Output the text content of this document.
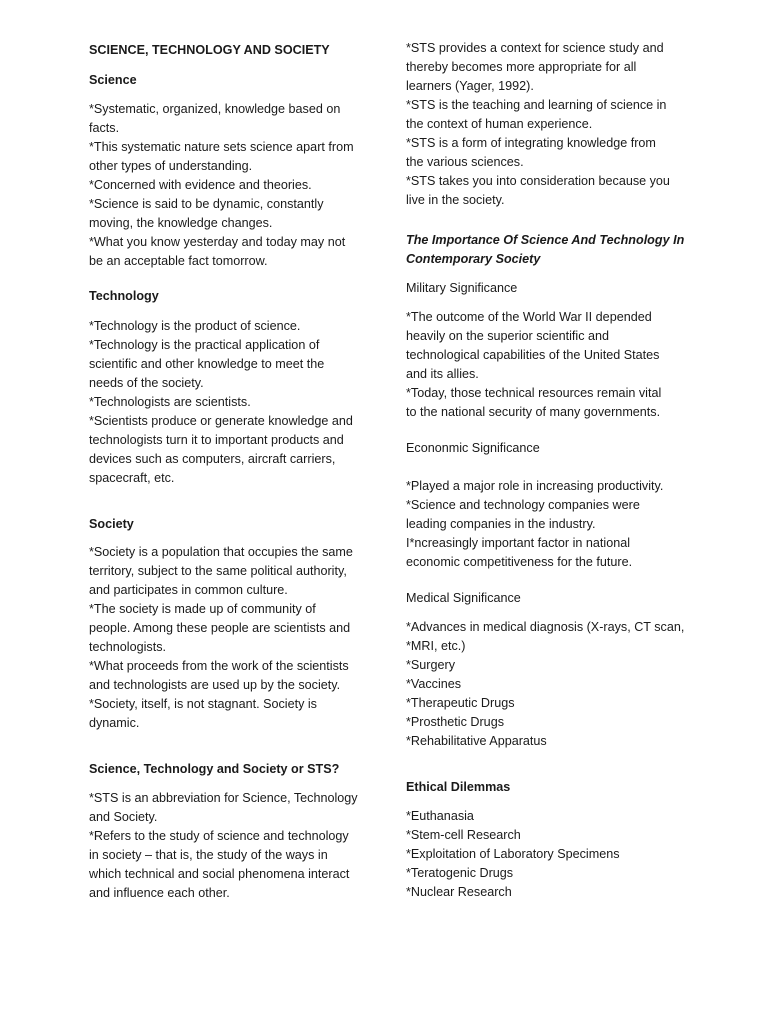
SCIENCE, TECHNOLOGY AND SOCIETY
Science
*Systematic, organized, knowledge based on
facts.
*This systematic nature sets science apart from
other types of understanding.
*Concerned with evidence and theories.
*Science is said to be dynamic, constantly
moving, the knowledge changes.
*What you know yesterday and today may not
be an acceptable fact tomorrow.
Technology
*Technology is the product of science.
*Technology is the practical application of
scientific and other knowledge to meet the
needs of the society.
*Technologists are scientists.
*Scientists produce or generate knowledge and
technologists turn it to important products and
devices such as computers, aircraft carriers,
spacecraft, etc.
Society
*Society is a population that occupies the same
territory, subject to the same political authority,
and participates in common culture.
*The society is made up of community of
people. Among these people are scientists and
technologists.
*What proceeds from the work of the scientists
and technologists are used up by the society.
*Society, itself, is not stagnant. Society is
dynamic.
Science, Technology and Society or STS?
*STS is an abbreviation for Science, Technology
and Society.
*Refers to the study of science and technology
in society – that is, the study of the ways in
which technical and social phenomena interact
and influence each other.
*STS provides a context for science study and
thereby becomes more appropriate for all
learners (Yager, 1992).
*STS is the teaching and learning of science in
the context of human experience.
*STS is a form of integrating knowledge from
the various sciences.
*STS takes you into consideration because you
live in the society.
The Importance Of Science And Technology In
Contemporary Society
Military Significance
*The outcome of the World War II depended
heavily on the superior scientific and
technological capabilities of the United States
and its allies.
*Today, those technical resources remain vital
to the national security of many governments.
Econonmic Significance
*Played a major role in increasing productivity.
*Science and technology companies were
leading companies in the industry.
I*ncreasingly important factor in national
economic competitiveness for the future.
Medical Significance
*Advances in medical diagnosis (X-rays, CT scan,
*MRI, etc.)
*Surgery
*Vaccines
*Therapeutic Drugs
*Prosthetic Drugs
*Rehabilitative Apparatus
Ethical Dilemmas
*Euthanasia
*Stem-cell Research
*Exploitation of Laboratory Specimens
*Teratogenic Drugs
*Nuclear Research
